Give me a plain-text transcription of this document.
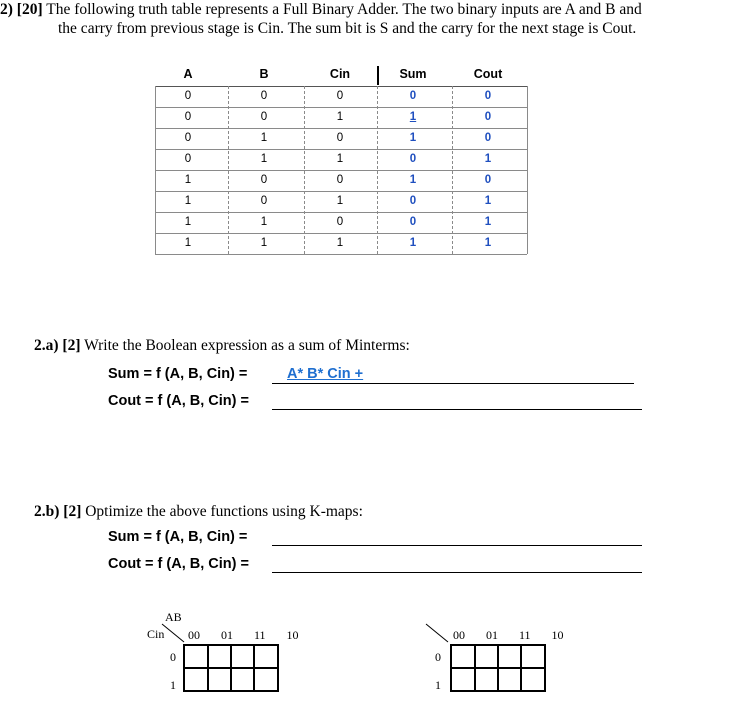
2) [20] The following truth table represents a Full Binary Adder. The two binary inputs are A and B and
the carry from previous stage is Cin. The sum bit is S and the carry for the next stage is Cout.
A	B	Cin	Sum	Cout
0	0	0	0	0
0	0	1	1	0
0	1	0	1	0
0	1	1	0	1
1	0	0	1	0
1	0	1	0	1
1	1	0	0	1
1	1	1	1	1
2.a) [2] Write the Boolean expression as a sum of Minterms:
Sum = f (A, B, Cin) =	A* B* Cin +
Cout = f (A, B, Cin) =
2.b) [2] Optimize the above functions using K-maps:
Sum = f (A, B, Cin) =
Cout = f (A, B, Cin) =
AB
Cin 00   01   11   10
0
1
00   01   11   10
0
1
